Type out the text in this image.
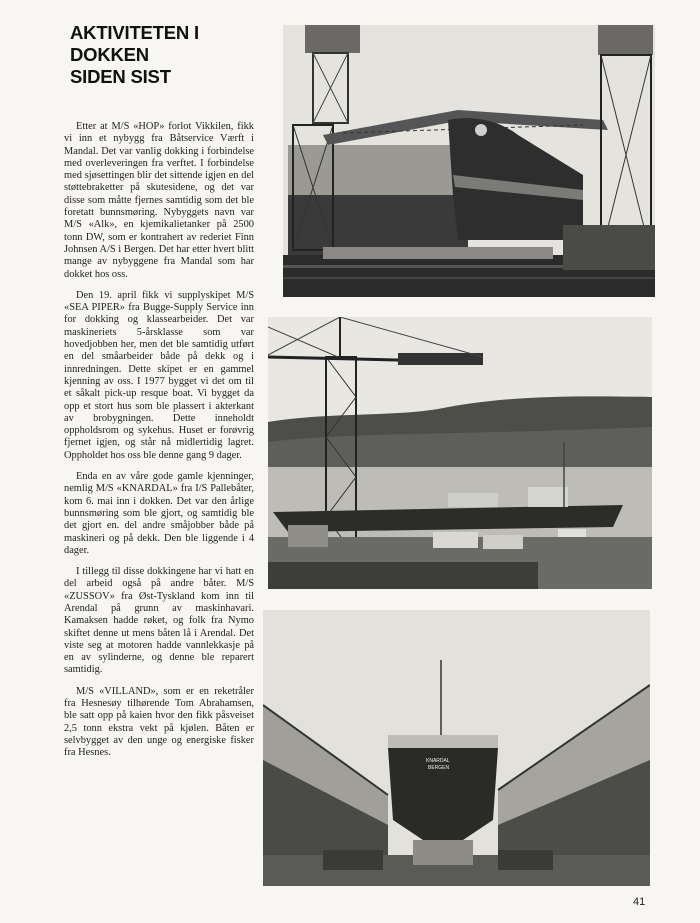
AKTIVITETEN I
DOKKEN
SIDEN SIST

Etter at M/S «HOP» forlot Vikkilen, fikk vi inn et nybygg fra Båtservice Værft i Mandal. Det var vanlig dokking i forbindelse med overleveringen fra verftet. I forbindelse med sjøsettingen blir det sittende igjen en del støttebraketter på skutesidene, og det var disse som måtte fjernes samtidig som det ble foretatt bunnsmøring. Nybyggets navn var M/S «Alk», en kjemikalietanker på 2500 tonn DW, som er kontrahert av rederiet Finn Johnsen A/S i Bergen. Det har etter hvert blitt mange av nybyggene fra Mandal som har dokket hos oss.

Den 19. april fikk vi supplyskipet M/S «SEA PIPER» fra Bugge-Supply Service inn for dokking og klassearbeider. Det var maskineriets 5-årsklasse som var hovedjobben her, men det ble samtidig utført en del småarbeider både på dekk og i innredningen. Dette skipet er en gammel kjenning av oss. I 1977 bygget vi det om til et såkalt pick-up resque boat. Vi bygget da opp et stort hus som ble plassert i akterkant av brobygningen. Dette inneholdt oppholdsrom og sykehus. Huset er forøvrig fjernet igjen, og står nå midlertidig lagret. Oppholdet hos oss ble denne gang 9 dager.

Enda en av våre gode gamle kjenninger, nemlig M/S «KNARDAL» fra I/S Pallebåter, kom 6. mai inn i dokken. Det var den årlige bunnsmøring som ble gjort, og samtidig ble det gjort en. del andre småjobber både på maskineri og på dekk. Den ble liggende i 4 dager.

I tillegg til disse dokkingene har vi hatt en del arbeid også på andre båter. M/S «ZUSSOV» fra Øst-Tyskland kom inn til Arendal på grunn av maskinhavari. Kamaksen hadde røket, og folk fra Nymo skiftet denne ut mens båten lå i Arendal. Det viste seg at motoren hadde vannlekkasje på en av sylinderne, og denne ble reparert samtidig.

M/S «VILLAND», som er en reketråler fra Hesnesøy tilhørende Tom Abrahamsen, ble satt opp på kaien hvor den fikk påsveiset 2,5 tonn ekstra vekt på kjølen. Båten er selvbygget av den unge og energiske fisker fra Hesnes.

KNARDAL
BERGEN
41
